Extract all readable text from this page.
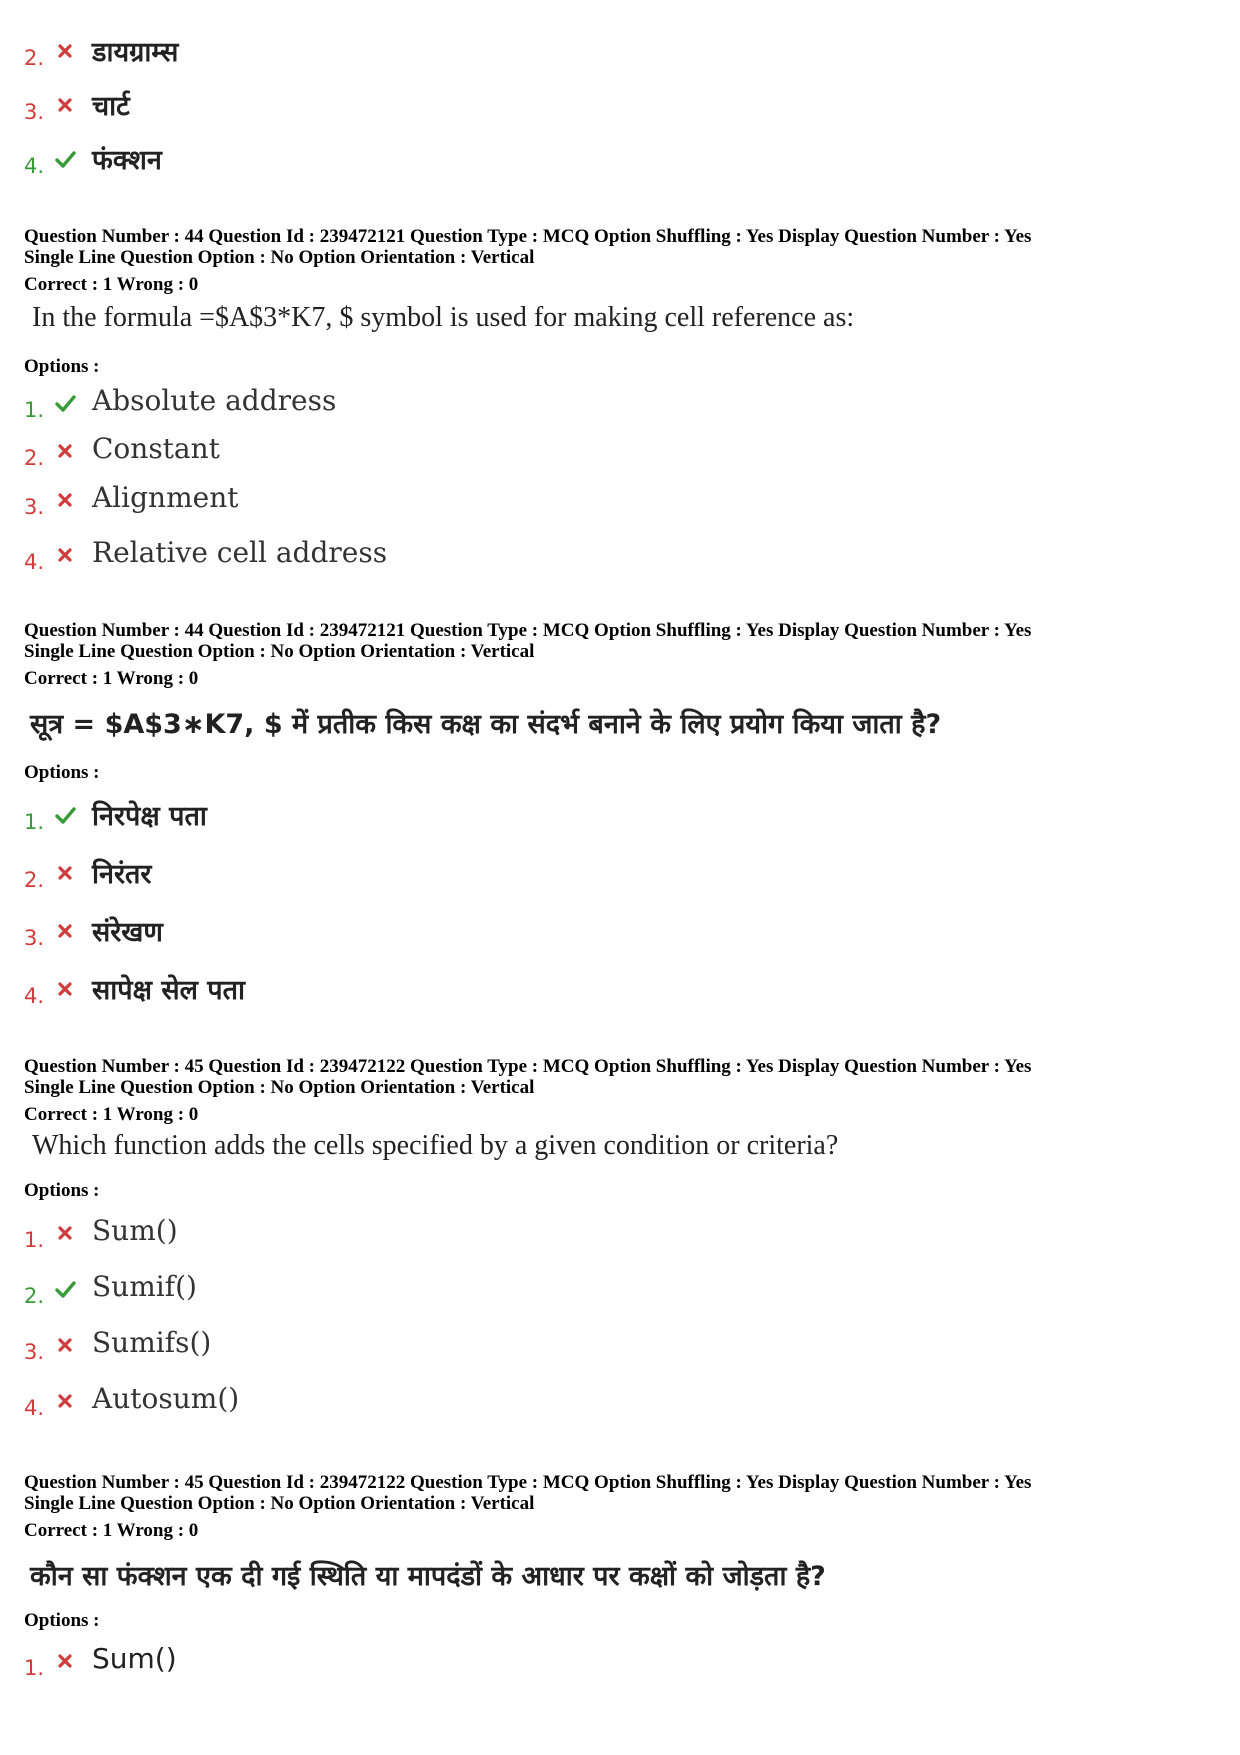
2. डायग्राम्स
3. चार्ट
4. फंक्शन
Question Number : 44 Question Id : 239472121 Question Type : MCQ Option Shuffling : Yes Display Question Number : Yes
Single Line Question Option : No Option Orientation : Vertical
Correct : 1 Wrong : 0
In the formula =$A$3*K7, $ symbol is used for making cell reference as:
Options :
1. Absolute address
2. Constant
3. Alignment
4. Relative cell address
Question Number : 44 Question Id : 239472121 Question Type : MCQ Option Shuffling : Yes Display Question Number : Yes
Single Line Question Option : No Option Orientation : Vertical
Correct : 1 Wrong : 0
सूत्र = $A$3∗K7, $ में प्रतीक किस कक्ष का संदर्भ बनाने के लिए प्रयोग किया जाता है?
Options :
1. निरपेक्ष पता
2. निरंतर
3. संरेखण
4. सापेक्ष सेल पता
Question Number : 45 Question Id : 239472122 Question Type : MCQ Option Shuffling : Yes Display Question Number : Yes
Single Line Question Option : No Option Orientation : Vertical
Correct : 1 Wrong : 0
Which function adds the cells specified by a given condition or criteria?
Options :
1. Sum()
2. Sumif()
3. Sumifs()
4. Autosum()
Question Number : 45 Question Id : 239472122 Question Type : MCQ Option Shuffling : Yes Display Question Number : Yes
Single Line Question Option : No Option Orientation : Vertical
Correct : 1 Wrong : 0
कौन सा फंक्शन एक दी गई स्थिति या मापदंडों के आधार पर कक्षों को जोड़ता है?
Options :
1. Sum()
